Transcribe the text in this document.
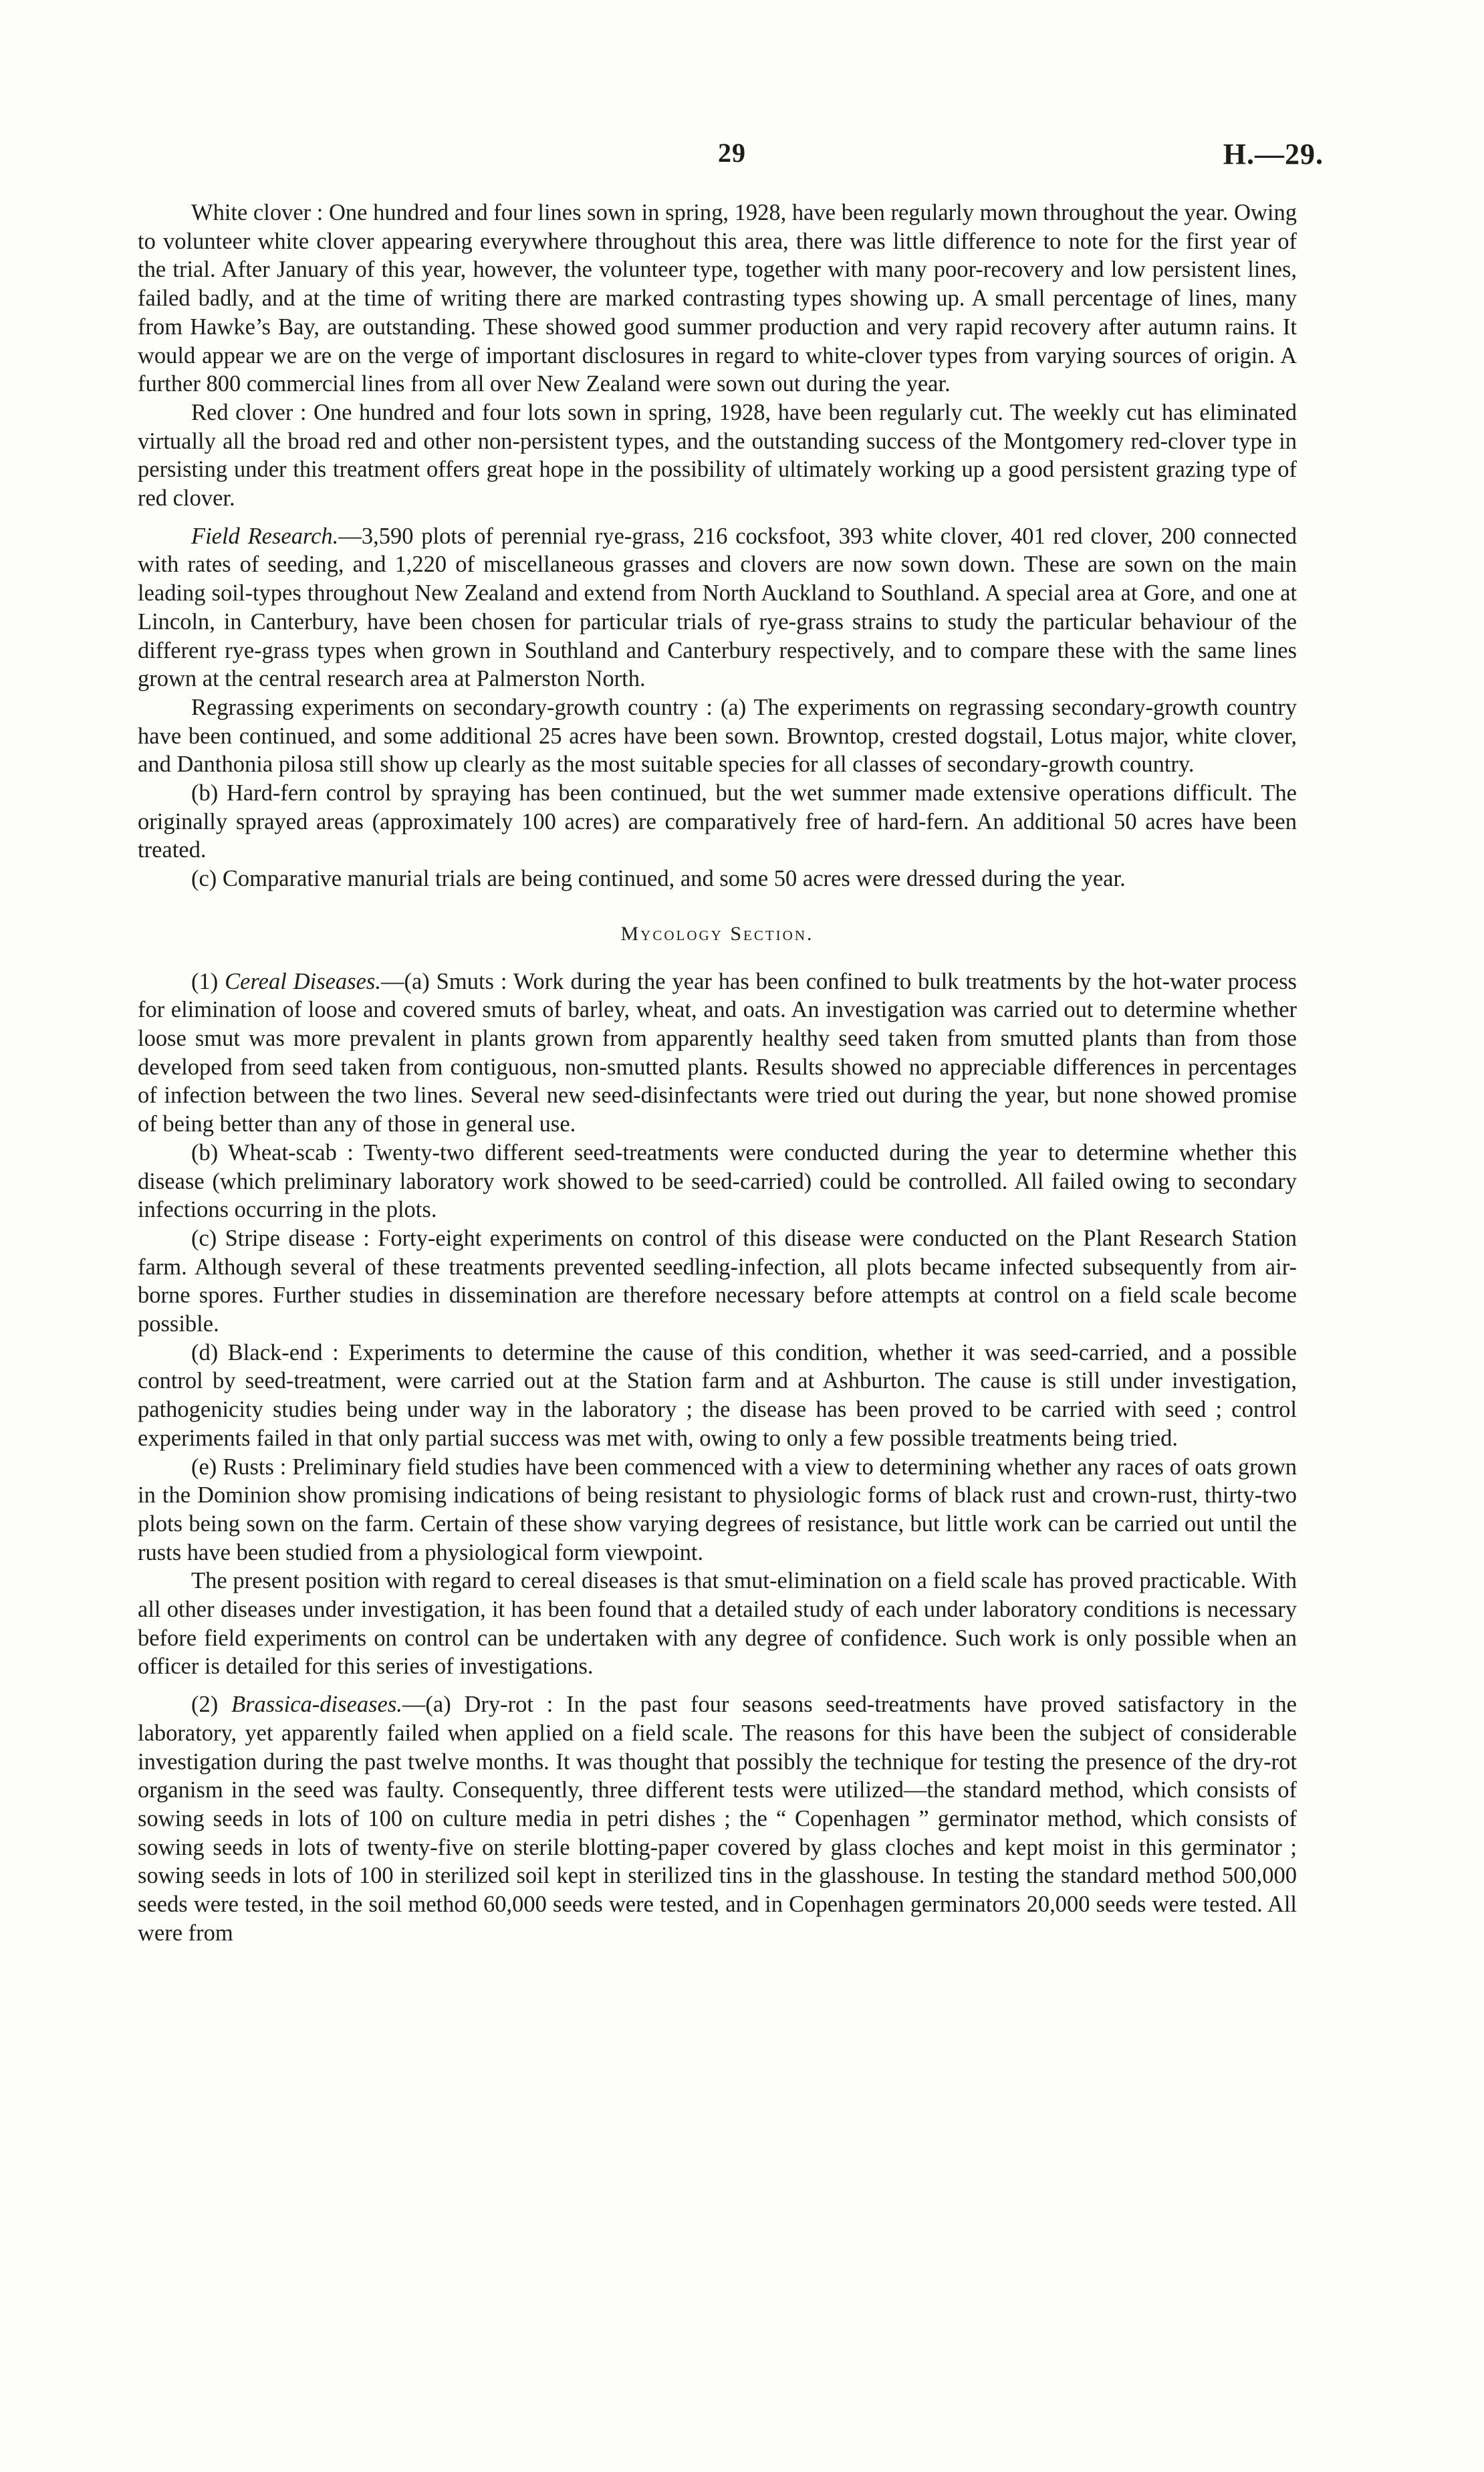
29	H.—29.

White clover : One hundred and four lines sown in spring, 1928, have been regularly mown throughout the year. Owing to volunteer white clover appearing everywhere throughout this area, there was little difference to note for the first year of the trial. After January of this year, however, the volunteer type, together with many poor-recovery and low persistent lines, failed badly, and at the time of writing there are marked contrasting types showing up. A small percentage of lines, many from Hawke’s Bay, are outstanding. These showed good summer production and very rapid recovery after autumn rains. It would appear we are on the verge of important disclosures in regard to white-clover types from varying sources of origin. A further 800 commercial lines from all over New Zealand were sown out during the year.

Red clover : One hundred and four lots sown in spring, 1928, have been regularly cut. The weekly cut has eliminated virtually all the broad red and other non-persistent types, and the outstanding success of the Montgomery red-clover type in persisting under this treatment offers great hope in the possibility of ultimately working up a good persistent grazing type of red clover.

Field Research.—3,590 plots of perennial rye-grass, 216 cocksfoot, 393 white clover, 401 red clover, 200 connected with rates of seeding, and 1,220 of miscellaneous grasses and clovers are now sown down. These are sown on the main leading soil-types throughout New Zealand and extend from North Auckland to Southland. A special area at Gore, and one at Lincoln, in Canterbury, have been chosen for particular trials of rye-grass strains to study the particular behaviour of the different rye-grass types when grown in Southland and Canterbury respectively, and to compare these with the same lines grown at the central research area at Palmerston North.

Regrassing experiments on secondary-growth country : (a) The experiments on regrassing secondary-growth country have been continued, and some additional 25 acres have been sown. Browntop, crested dogstail, Lotus major, white clover, and Danthonia pilosa still show up clearly as the most suitable species for all classes of secondary-growth country.

(b) Hard-fern control by spraying has been continued, but the wet summer made extensive operations difficult. The originally sprayed areas (approximately 100 acres) are comparatively free of hard-fern. An additional 50 acres have been treated.

(c) Comparative manurial trials are being continued, and some 50 acres were dressed during the year.

Mycology Section.

(1) Cereal Diseases.—(a) Smuts : Work during the year has been confined to bulk treatments by the hot-water process for elimination of loose and covered smuts of barley, wheat, and oats. An investigation was carried out to determine whether loose smut was more prevalent in plants grown from apparently healthy seed taken from smutted plants than from those developed from seed taken from contiguous, non-smutted plants. Results showed no appreciable differences in percentages of infection between the two lines. Several new seed-disinfectants were tried out during the year, but none showed promise of being better than any of those in general use.

(b) Wheat-scab : Twenty-two different seed-treatments were conducted during the year to determine whether this disease (which preliminary laboratory work showed to be seed-carried) could be controlled. All failed owing to secondary infections occurring in the plots.

(c) Stripe disease : Forty-eight experiments on control of this disease were conducted on the Plant Research Station farm. Although several of these treatments prevented seedling-infection, all plots became infected subsequently from air-borne spores. Further studies in dissemination are therefore necessary before attempts at control on a field scale become possible.

(d) Black-end : Experiments to determine the cause of this condition, whether it was seed-carried, and a possible control by seed-treatment, were carried out at the Station farm and at Ashburton. The cause is still under investigation, pathogenicity studies being under way in the laboratory ; the disease has been proved to be carried with seed ; control experiments failed in that only partial success was met with, owing to only a few possible treatments being tried.

(e) Rusts : Preliminary field studies have been commenced with a view to determining whether any races of oats grown in the Dominion show promising indications of being resistant to physiologic forms of black rust and crown-rust, thirty-two plots being sown on the farm. Certain of these show varying degrees of resistance, but little work can be carried out until the rusts have been studied from a physiological form viewpoint.

The present position with regard to cereal diseases is that smut-elimination on a field scale has proved practicable. With all other diseases under investigation, it has been found that a detailed study of each under laboratory conditions is necessary before field experiments on control can be undertaken with any degree of confidence. Such work is only possible when an officer is detailed for this series of investigations.

(2) Brassica-diseases.—(a) Dry-rot : In the past four seasons seed-treatments have proved satisfactory in the laboratory, yet apparently failed when applied on a field scale. The reasons for this have been the subject of considerable investigation during the past twelve months. It was thought that possibly the technique for testing the presence of the dry-rot organism in the seed was faulty. Consequently, three different tests were utilized—the standard method, which consists of sowing seeds in lots of 100 on culture media in petri dishes ; the “ Copenhagen ” germinator method, which consists of sowing seeds in lots of twenty-five on sterile blotting-paper covered by glass cloches and kept moist in this germinator ; sowing seeds in lots of 100 in sterilized soil kept in sterilized tins in the glasshouse. In testing the standard method 500,000 seeds were tested, in the soil method 60,000 seeds were tested, and in Copenhagen germinators 20,000 seeds were tested. All were from
